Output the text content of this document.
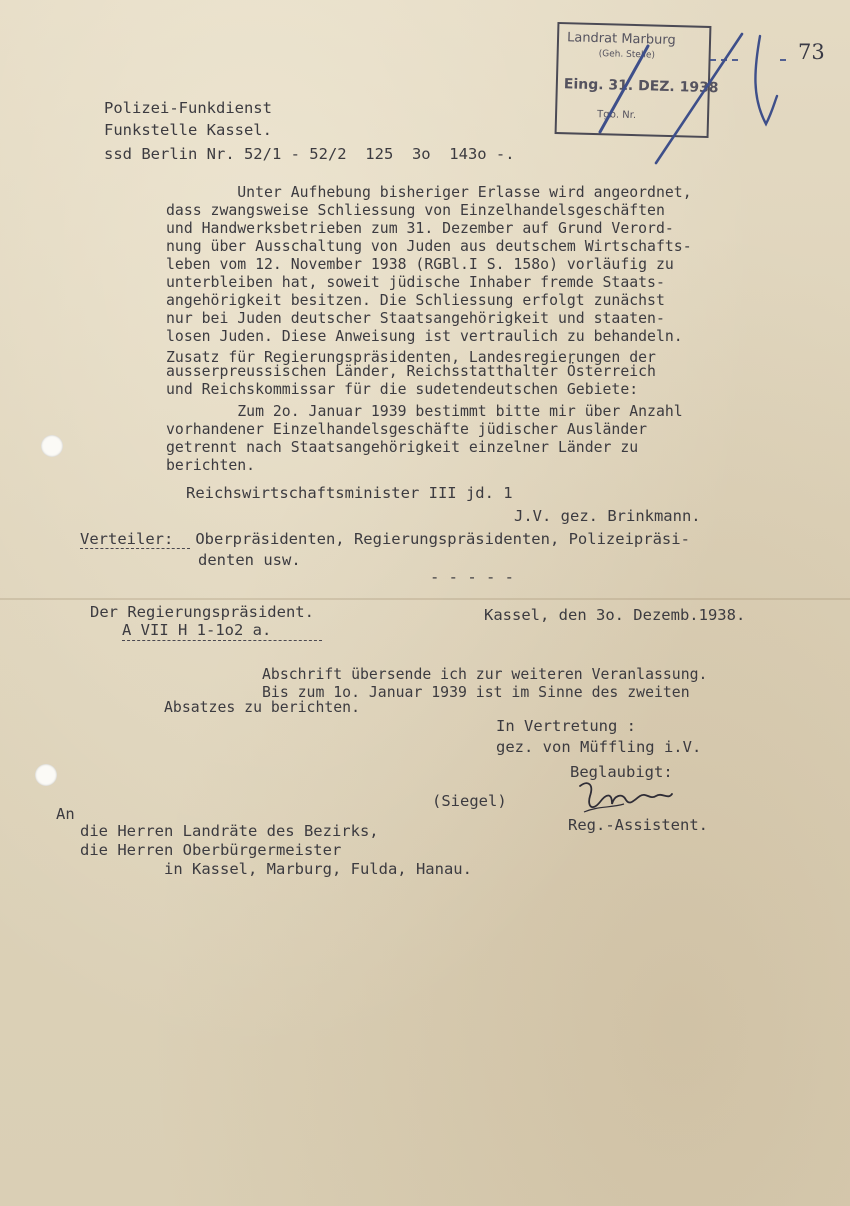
Landrat Marburg
(Geh. Stelle)
Eing. 31. DEZ. 1938
Tgb. Nr.
73
Polizei-Funkdienst
Funkstelle Kassel.
ssd Berlin Nr. 52/1 - 52/2  125  3o  143o -.
Unter Aufhebung bisheriger Erlasse wird angeordnet,
dass zwangsweise Schliessung von Einzelhandelsgeschäften
und Handwerksbetrieben zum 31. Dezember auf Grund Verord-
nung über Ausschaltung von Juden aus deutschem Wirtschafts-
leben vom 12. November 1938 (RGBl.I S. 158o) vorläufig zu
unterbleiben hat, soweit jüdische Inhaber fremde Staats-
angehörigkeit besitzen. Die Schliessung erfolgt zunächst
nur bei Juden deutscher Staatsangehörigkeit und staaten-
losen Juden. Diese Anweisung ist vertraulich zu behandeln.
Zusatz für Regierungspräsidenten, Landesregierungen der
ausserpreussischen Länder, Reichsstatthalter Österreich
und Reichskommissar für die sudetendeutschen Gebiete:
Zum 2o. Januar 1939 bestimmt bitte mir über Anzahl
vorhandener Einzelhandelsgeschäfte jüdischer Ausländer
getrennt nach Staatsangehörigkeit einzelner Länder zu
berichten.
Reichswirtschaftsminister III jd. 1
J.V. gez. Brinkmann.
Verteiler: Oberpräsidenten, Regierungspräsidenten, Polizeipräsi-
denten usw.
- - - - -
Der Regierungspräsident.
A VII H 1-1o2 a.
Kassel, den 3o. Dezemb.1938.
Abschrift übersende ich zur weiteren Veranlassung.
Bis zum 1o. Januar 1939 ist im Sinne des zweiten
Absatzes zu berichten.
In Vertretung :
gez. von Müffling i.V.
Beglaubigt:
(Siegel)
Reg.-Assistent.
An
die Herren Landräte des Bezirks,
die Herren Oberbürgermeister
in Kassel, Marburg, Fulda, Hanau.
